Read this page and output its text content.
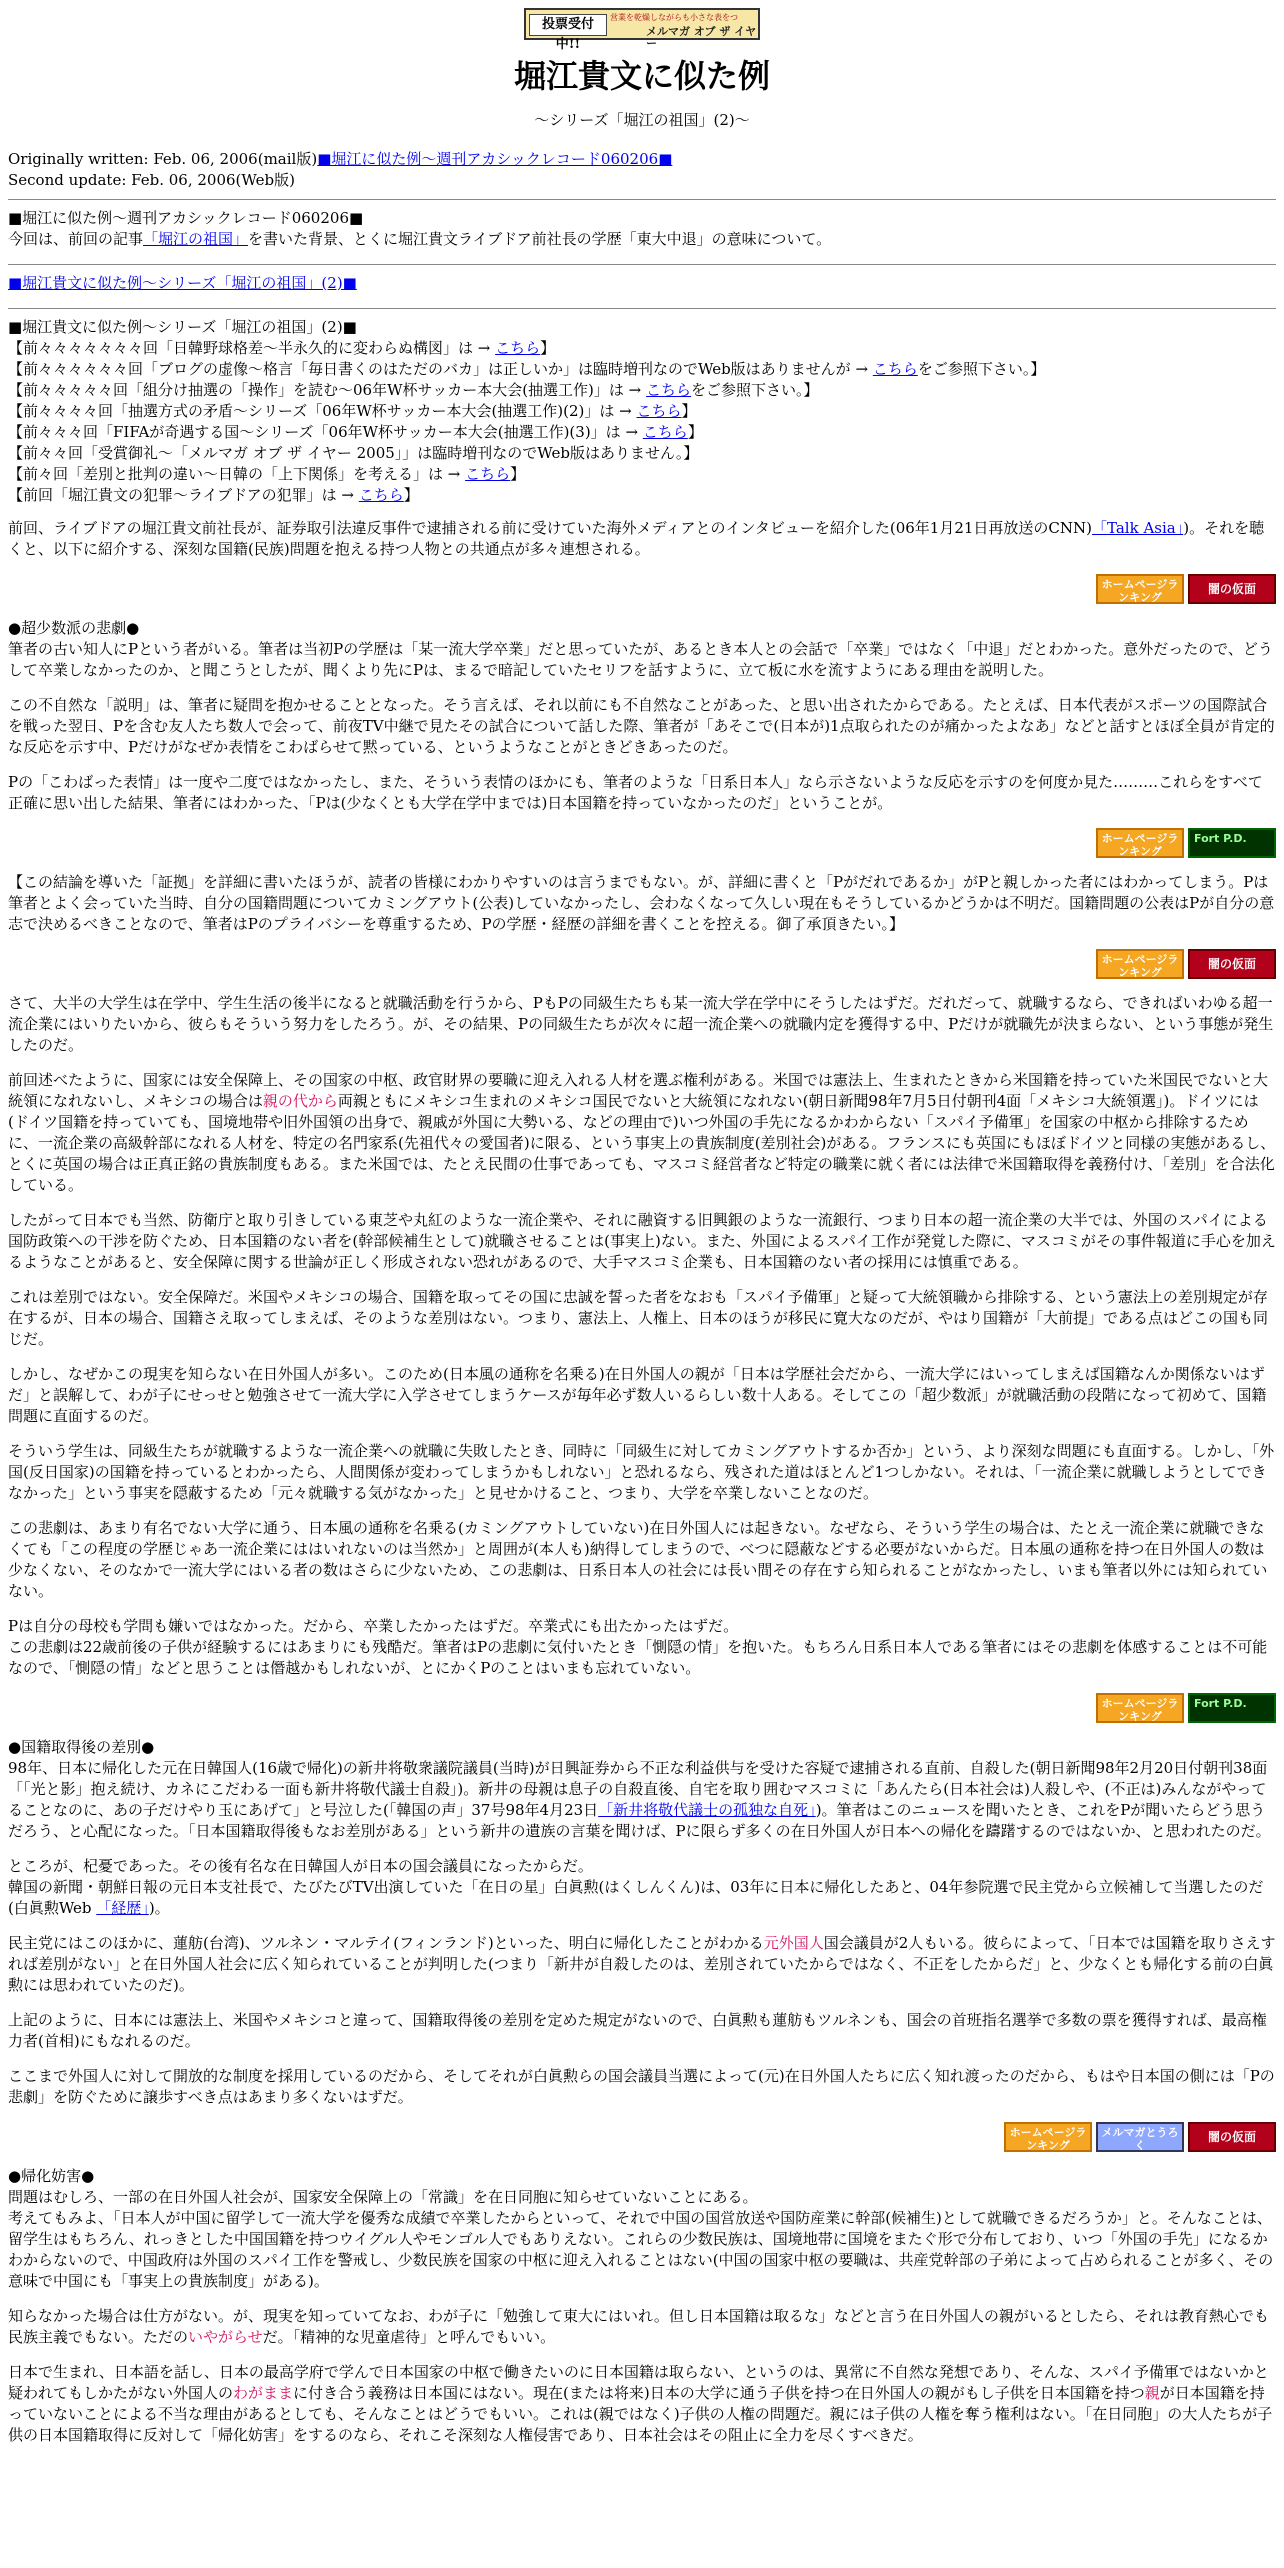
投票受付中!!
営業を乾燥しながらも小さな表をつ
メルマガ オブ ザ イヤー
堀江貴文に似た例
～シリーズ「堀江の祖国」(2)～

Originally written: Feb. 06, 2006(mail版)■堀江に似た例～週刊アカシックレコード060206■

Second update: Feb. 06, 2006(Web版)

■堀江に似た例～週刊アカシックレコード060206■
今回は、前回の記事「堀江の祖国」を書いた背景、とくに堀江貴文ライブドア前社長の学歴「東大中退」の意味について。

■堀江貴文に似た例～シリーズ「堀江の祖国」(2)■

■堀江貴文に似た例～シリーズ「堀江の祖国」(2)■
【前々々々々々々々回「日韓野球格差～半永久的に変わらぬ構図」は → こちら】
【前々々々々々々回「ブログの虚像～格言「毎日書くのはただのバカ」は正しいか」は臨時増刊なのでWeb版はありませんが → こちらをご参照下さい。】
【前々々々々々回「組分け抽選の「操作」を読む～06年W杯サッカー本大会(抽選工作)」は → こちらをご参照下さい。】
【前々々々々回「抽選方式の矛盾～シリーズ「06年W杯サッカー本大会(抽選工作)(2)」は → こちら】
【前々々々回「FIFAが奇遇する国～シリーズ「06年W杯サッカー本大会(抽選工作)(3)」は → こちら】
【前々々回「受賞御礼～「メルマガ オブ ザ イヤー 2005」」は臨時増刊なのでWeb版はありません。】
【前々回「差別と批判の違い～日韓の「上下関係」を考える」は → こちら】
【前回「堀江貴文の犯罪～ライブドアの犯罪」は → こちら】

前回、ライブドアの堀江貴文前社長が、証券取引法違反事件で逮捕される前に受けていた海外メディアとのインタビューを紹介した(06年1月21日再放送のCNN)「Talk Asia」)。それを聴くと、以下に紹介する、深刻な国籍(民族)問題を抱える持つ人物との共通点が多々連想される。

ホームページランキング闇の仮面

●超少数派の悲劇●

筆者の古い知人にPという者がいる。筆者は当初Pの学歴は「某一流大学卒業」だと思っていたが、あるとき本人との会話で「卒業」ではなく「中退」だとわかった。意外だったので、どうして卒業しなかったのか、と聞こうとしたが、聞くより先にPは、まるで暗記していたセリフを話すように、立て板に水を流すようにある理由を説明した。

この不自然な「説明」は、筆者に疑問を抱かせることとなった。そう言えば、それ以前にも不自然なことがあった、と思い出されたからである。たとえば、日本代表がスポーツの国際試合を戦った翌日、Pを含む友人たち数人で会って、前夜TV中継で見たその試合について話した際、筆者が「あそこで(日本が)1点取られたのが痛かったよなあ」などと話すとほぼ全員が肯定的な反応を示す中、Pだけがなぜか表情をこわばらせて黙っている、というようなことがときどきあったのだ。

Pの「こわばった表情」は一度や二度ではなかったし、また、そういう表情のほかにも、筆者のような「日系日本人」なら示さないような反応を示すのを何度か見た………これらをすべて正確に思い出した結果、筆者にはわかった、「Pは(少なくとも大学在学中までは)日本国籍を持っていなかったのだ」ということが。

ホームページランキングFort P.D.

【この結論を導いた「証拠」を詳細に書いたほうが、読者の皆様にわかりやすいのは言うまでもない。が、詳細に書くと「Pがだれであるか」がPと親しかった者にはわかってしまう。Pは筆者とよく会っていた当時、自分の国籍問題についてカミングアウト(公表)していなかったし、会わなくなって久しい現在もそうしているかどうかは不明だ。国籍問題の公表はPが自分の意志で決めるべきことなので、筆者はPのプライバシーを尊重するため、Pの学歴・経歴の詳細を書くことを控える。御了承頂きたい。】

ホームページランキング闇の仮面

さて、大半の大学生は在学中、学生生活の後半になると就職活動を行うから、PもPの同級生たちも某一流大学在学中にそうしたはずだ。だれだって、就職するなら、できればいわゆる超一流企業にはいりたいから、彼らもそういう努力をしたろう。が、その結果、Pの同級生たちが次々に超一流企業への就職内定を獲得する中、Pだけが就職先が決まらない、という事態が発生したのだ。

前回述べたように、国家には安全保障上、その国家の中枢、政官財界の要職に迎え入れる人材を選ぶ権利がある。米国では憲法上、生まれたときから米国籍を持っていた米国民でないと大統領になれないし、メキシコの場合は親の代から両親ともにメキシコ生まれのメキシコ国民でないと大統領になれない(朝日新聞98年7月5日付朝刊4面「メキシコ大統領選」)。ドイツには(ドイツ国籍を持っていても、国境地帯や旧外国領の出身で、親戚が外国に大勢いる、などの理由で)いつ外国の手先になるかわからない「スパイ予備軍」を国家の中枢から排除するために、一流企業の高級幹部になれる人材を、特定の名門家系(先祖代々の愛国者)に限る、という事実上の貴族制度(差別社会)がある。フランスにも英国にもほぼドイツと同様の実態があるし、とくに英国の場合は正真正銘の貴族制度もある。また米国では、たとえ民間の仕事であっても、マスコミ経営者など特定の職業に就く者には法律で米国籍取得を義務付け、「差別」を合法化している。

したがって日本でも当然、防衛庁と取り引きしている東芝や丸紅のような一流企業や、それに融資する旧興銀のような一流銀行、つまり日本の超一流企業の大半では、外国のスパイによる国防政策への干渉を防ぐため、日本国籍のない者を(幹部候補生として)就職させることは(事実上)ない。また、外国によるスパイ工作が発覚した際に、マスコミがその事件報道に手心を加えるようなことがあると、安全保障に関する世論が正しく形成されない恐れがあるので、大手マスコミ企業も、日本国籍のない者の採用には慎重である。

これは差別ではない。安全保障だ。米国やメキシコの場合、国籍を取ってその国に忠誠を誓った者をなおも「スパイ予備軍」と疑って大統領職から排除する、という憲法上の差別規定が存在するが、日本の場合、国籍さえ取ってしまえば、そのような差別はない。つまり、憲法上、人権上、日本のほうが移民に寛大なのだが、やはり国籍が「大前提」である点はどこの国も同じだ。

しかし、なぜかこの現実を知らない在日外国人が多い。このため(日本風の通称を名乗る)在日外国人の親が「日本は学歴社会だから、一流大学にはいってしまえば国籍なんか関係ないはずだ」と誤解して、わが子にせっせと勉強させて一流大学に入学させてしまうケースが毎年必ず数人いるらしい数十人ある。そしてこの「超少数派」が就職活動の段階になって初めて、国籍問題に直面するのだ。

そういう学生は、同級生たちが就職するような一流企業への就職に失敗したとき、同時に「同級生に対してカミングアウトするか否か」という、より深刻な問題にも直面する。しかし、「外国(反日国家)の国籍を持っているとわかったら、人間関係が変わってしまうかもしれない」と恐れるなら、残された道はほとんど1つしかない。それは、「一流企業に就職しようとしてできなかった」という事実を隠蔽するため「元々就職する気がなかった」と見せかけること、つまり、大学を卒業しないことなのだ。

この悲劇は、あまり有名でない大学に通う、日本風の通称を名乗る(カミングアウトしていない)在日外国人には起きない。なぜなら、そういう学生の場合は、たとえ一流企業に就職できなくても「この程度の学歴じゃあ一流企業にははいれないのは当然か」と周囲が(本人も)納得してしまうので、べつに隠蔽などする必要がないからだ。日本風の通称を持つ在日外国人の数は少なくない、そのなかで一流大学にはいる者の数はさらに少ないため、この悲劇は、日系日本人の社会には長い間その存在すら知られることがなかったし、いまも筆者以外には知られていない。

Pは自分の母校も学問も嫌いではなかった。だから、卒業したかったはずだ。卒業式にも出たかったはずだ。
この悲劇は22歳前後の子供が経験するにはあまりにも残酷だ。筆者はPの悲劇に気付いたとき「惻隠の情」を抱いた。もちろん日系日本人である筆者にはその悲劇を体感することは不可能なので、「惻隠の情」などと思うことは僭越かもしれないが、とにかくPのことはいまも忘れていない。

ホームページランキングFort P.D.

●国籍取得後の差別●

98年、日本に帰化した元在日韓国人(16歳で帰化)の新井将敬衆議院議員(当時)が日興証券から不正な利益供与を受けた容疑で逮捕される直前、自殺した(朝日新聞98年2月20日付朝刊38面「「光と影」抱え続け、カネにこだわる一面も新井将敬代議士自殺」)。新井の母親は息子の自殺直後、自宅を取り囲むマスコミに「あんたら(日本社会は)人殺しや、(不正は)みんながやってることなのに、あの子だけやり玉にあげて」と号泣した(「韓国の声」37号98年4月23日「新井将敬代議士の孤独な自死」)。筆者はこのニュースを聞いたとき、これをPが聞いたらどう思うだろう、と心配になった。「日本国籍取得後もなお差別がある」という新井の遺族の言葉を聞けば、Pに限らず多くの在日外国人が日本への帰化を躊躇するのではないか、と思われたのだ。

ところが、杞憂であった。その後有名な在日韓国人が日本の国会議員になったからだ。
韓国の新聞・朝鮮日報の元日本支社長で、たびたびTV出演していた「在日の星」白眞勲(はくしんくん)は、03年に日本に帰化したあと、04年参院選で民主党から立候補して当選したのだ(白眞勲Web 「経歴」)。

民主党にはこのほかに、蓮舫(台湾)、ツルネン・マルテイ(フィンランド)といった、明白に帰化したことがわかる元外国人国会議員が2人もいる。彼らによって、「日本では国籍を取りさえすれば差別がない」と在日外国人社会に広く知られていることが判明した(つまり「新井が自殺したのは、差別されていたからではなく、不正をしたからだ」と、少なくとも帰化する前の白眞勲には思われていたのだ)。

上記のように、日本には憲法上、米国やメキシコと違って、国籍取得後の差別を定めた規定がないので、白眞勲も蓮舫もツルネンも、国会の首班指名選挙で多数の票を獲得すれば、最高権力者(首相)にもなれるのだ。

ここまで外国人に対して開放的な制度を採用しているのだから、そしてそれが白眞勲らの国会議員当選によって(元)在日外国人たちに広く知れ渡ったのだから、もはや日本国の側には「Pの悲劇」を防ぐために譲歩すべき点はあまり多くないはずだ。

ホームページランキングメルマガとうろく闇の仮面

●帰化妨害●

問題はむしろ、一部の在日外国人社会が、国家安全保障上の「常識」を在日同胞に知らせていないことにある。
考えてもみよ、「日本人が中国に留学して一流大学を優秀な成績で卒業したからといって、それで中国の国営放送や国防産業に幹部(候補生)として就職できるだろうか」と。そんなことは、留学生はもちろん、れっきとした中国国籍を持つウイグル人やモンゴル人でもありえない。これらの少数民族は、国境地帯に国境をまたぐ形で分布しており、いつ「外国の手先」になるかわからないので、中国政府は外国のスパイ工作を警戒し、少数民族を国家の中枢に迎え入れることはない(中国の国家中枢の要職は、共産党幹部の子弟によって占められることが多く、その意味で中国にも「事実上の貴族制度」がある)。

知らなかった場合は仕方がない。が、現実を知っていてなお、わが子に「勉強して東大にはいれ。但し日本国籍は取るな」などと言う在日外国人の親がいるとしたら、それは教育熱心でも民族主義でもない。ただのいやがらせだ。「精神的な児童虐待」と呼んでもいい。

日本で生まれ、日本語を話し、日本の最高学府で学んで日本国家の中枢で働きたいのに日本国籍は取らない、というのは、異常に不自然な発想であり、そんな、スパイ予備軍ではないかと疑われてもしかたがない外国人のわがままに付き合う義務は日本国にはない。現在(または将来)日本の大学に通う子供を持つ在日外国人の親がもし子供を日本国籍を持つ親が日本国籍を持っていないことによる不当な理由があるとしても、そんなことはどうでもいい。これは(親ではなく)子供の人権の問題だ。親には子供の人権を奪う権利はない。「在日同胞」の大人たちが子供の日本国籍取得に反対して「帰化妨害」をするのなら、それこそ深刻な人権侵害であり、日本社会はその阻止に全力を尽くすべきだ。
